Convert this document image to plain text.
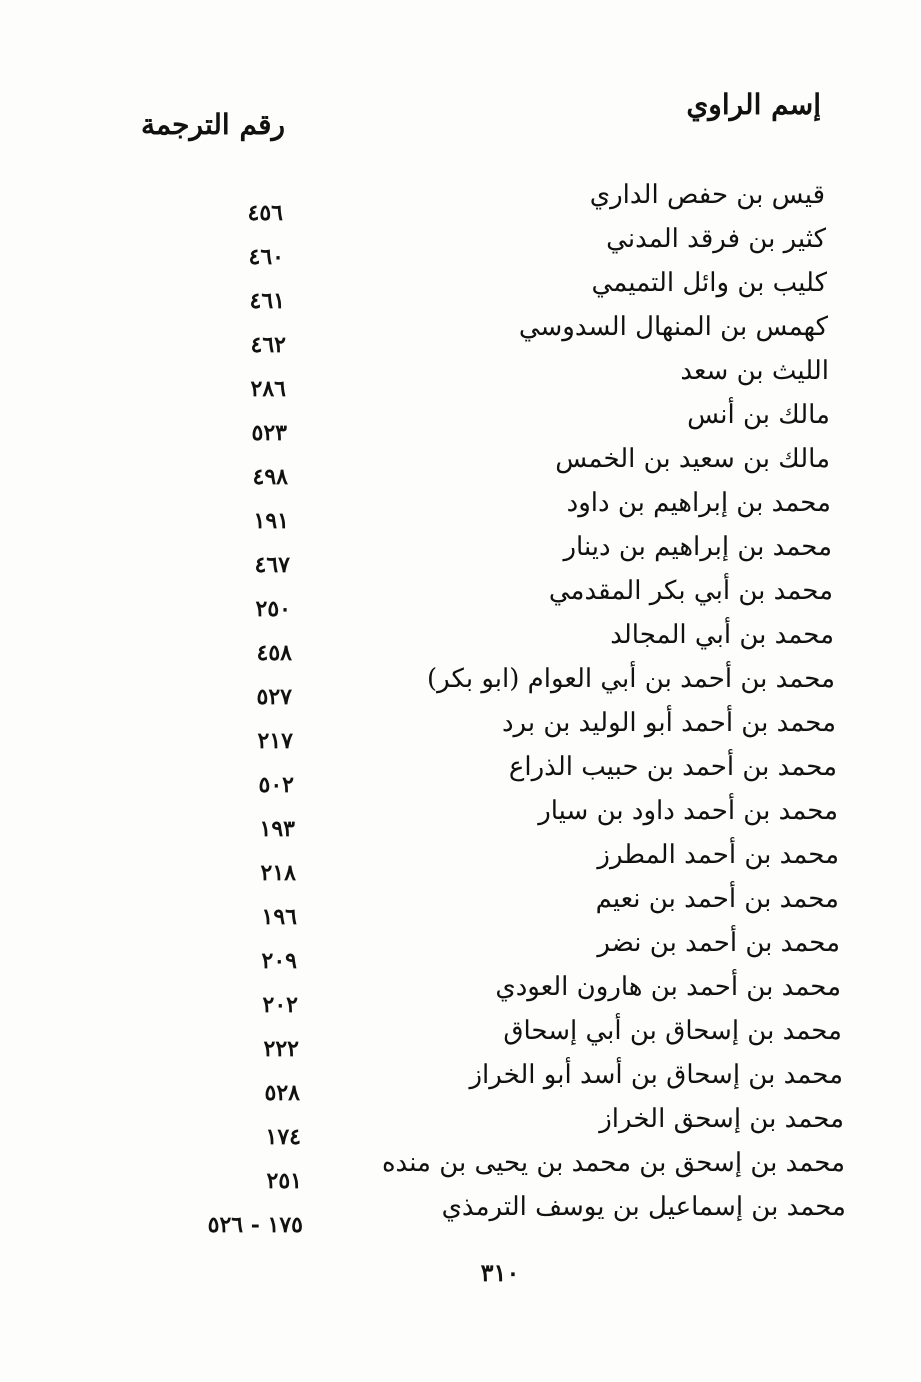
إسم الراوي
رقم الترجمة
قيس بن حفص الداري
٤٥٦
كثير بن فرقد المدني
٤٦٠
كليب بن وائل التميمي
٤٦١
كهمس بن المنهال السدوسي
٤٦٢
الليث بن سعد
٢٨٦
مالك بن أنس
٥٢٣
مالك بن سعيد بن الخمس
٤٩٨
محمد بن إبراهيم بن داود
١٩١
محمد بن إبراهيم بن دينار
٤٦٧
محمد بن أبي بكر المقدمي
٢٥٠
محمد بن أبي المجالد
٤٥٨
محمد بن أحمد بن أبي العوام (ابو بكر)
٥٢٧
محمد بن أحمد أبو الوليد بن برد
٢١٧
محمد بن أحمد بن حبيب الذراع
٥٠٢
محمد بن أحمد داود بن سيار
١٩٣
محمد بن أحمد المطرز
٢١٨
محمد بن أحمد بن نعيم
١٩٦
محمد بن أحمد بن نضر
٢٠٩
محمد بن أحمد بن هارون العودي
٢٠٢
محمد بن إسحاق بن أبي إسحاق
٢٢٢
محمد بن إسحاق بن أسد أبو الخراز
٥٢٨
محمد بن إسحق الخراز
١٧٤
محمد بن إسحق بن محمد بن يحيى بن منده
٢٥١
محمد بن إسماعيل بن يوسف الترمذي
١٧٥ - ٥٢٦
٣١٠
